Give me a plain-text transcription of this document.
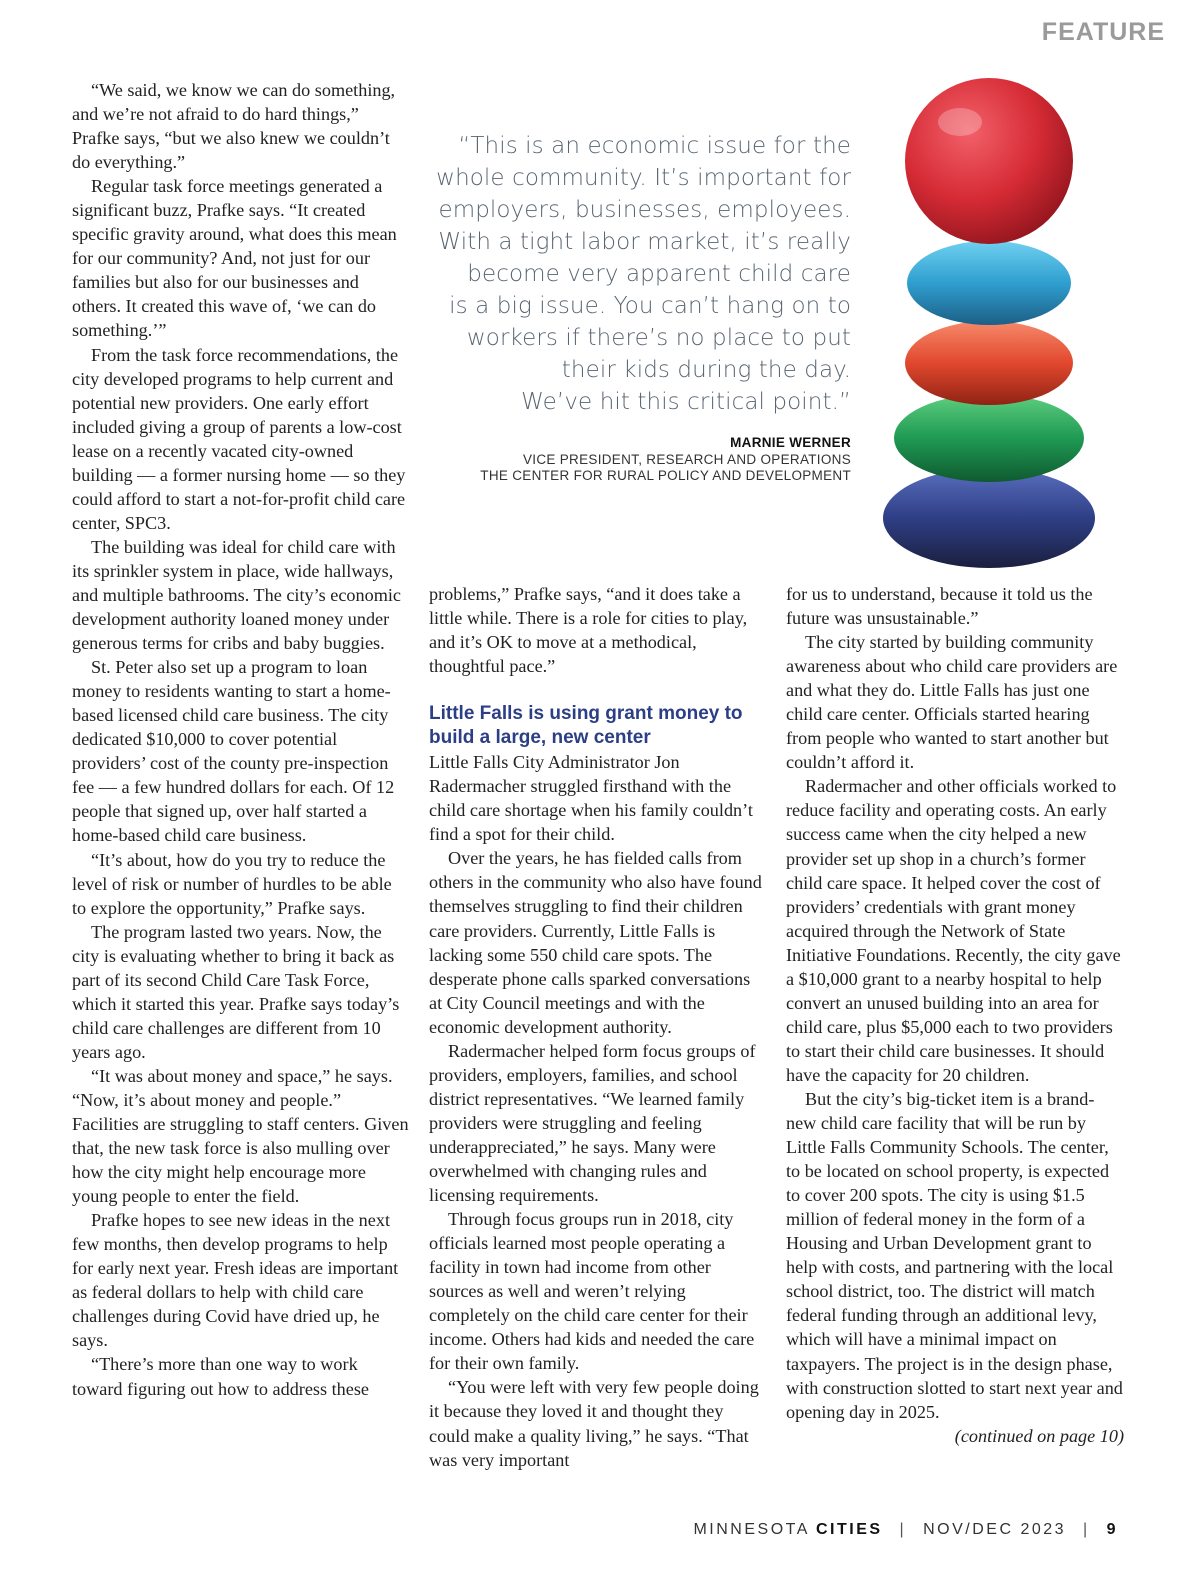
FEATURE

“We said, we know we can do something, and we’re not afraid to do hard things,” Prafke says, “but we also knew we couldn’t do everything.”

Regular task force meetings generated a significant buzz, Prafke says. “It created specific gravity around, what does this mean for our community? And, not just for our families but also for our businesses and others. It created this wave of, ‘we can do something.’”

From the task force recommendations, the city developed programs to help current and potential new providers. One early effort included giving a group of parents a low-cost lease on a recently vacated city-owned building — a former nursing home — so they could afford to start a not-for-profit child care center, SPC3.

The building was ideal for child care with its sprinkler system in place, wide hallways, and multiple bathrooms. The city’s economic development authority loaned money under generous terms for cribs and baby buggies.

St. Peter also set up a program to loan money to residents wanting to start a home-based licensed child care business. The city dedicated $10,000 to cover potential providers’ cost of the county pre-inspection fee — a few hundred dollars for each. Of 12 people that signed up, over half started a home-based child care business.

“It’s about, how do you try to reduce the level of risk or number of hurdles to be able to explore the opportunity,” Prafke says.

The program lasted two years. Now, the city is evaluating whether to bring it back as part of its second Child Care Task Force, which it started this year. Prafke says today’s child care challenges are different from 10 years ago.

“It was about money and space,” he says. “Now, it’s about money and people.” Facilities are struggling to staff centers. Given that, the new task force is also mulling over how the city might help encourage more young people to enter the field.

Prafke hopes to see new ideas in the next few months, then develop programs to help for early next year. Fresh ideas are important as federal dollars to help with child care challenges during Covid have dried up, he says.

“There’s more than one way to work toward figuring out how to address these

“This is an economic issue for the
whole community. It’s important for
employers, businesses, employees.
With a tight labor market, it’s really
become very apparent child care
is a big issue. You can’t hang on to
workers if there’s no place to put
their kids during the day.
We’ve hit this critical point.”
MARNIE WERNER
VICE PRESIDENT, RESEARCH AND OPERATIONS
THE CENTER FOR RURAL POLICY AND DEVELOPMENT

problems,” Prafke says, “and it does take a little while. There is a role for cities to play, and it’s OK to move at a methodical, thoughtful pace.”

Little Falls is using grant money to build a large, new center

Little Falls City Administrator Jon Radermacher struggled firsthand with the child care shortage when his family couldn’t find a spot for their child.

Over the years, he has fielded calls from others in the community who also have found themselves struggling to find their children care providers. Currently, Little Falls is lacking some 550 child care spots. The desperate phone calls sparked conversations at City Council meetings and with the economic development authority.

Radermacher helped form focus groups of providers, employers, families, and school district representatives. “We learned family providers were struggling and feeling underappreciated,” he says. Many were overwhelmed with changing rules and licensing requirements.

Through focus groups run in 2018, city officials learned most people operating a facility in town had income from other sources as well and weren’t relying completely on the child care center for their income. Others had kids and needed the care for their own family.

“You were left with very few people doing it because they loved it and thought they could make a quality living,” he says. “That was very important

for us to understand, because it told us the future was unsustainable.”

The city started by building community awareness about who child care providers are and what they do. Little Falls has just one child care center. Officials started hearing from people who wanted to start another but couldn’t afford it.

Radermacher and other officials worked to reduce facility and operating costs. An early success came when the city helped a new provider set up shop in a church’s former child care space. It helped cover the cost of providers’ credentials with grant money acquired through the Network of State Initiative Foundations. Recently, the city gave a $10,000 grant to a nearby hospital to help convert an unused building into an area for child care, plus $5,000 each to two providers to start their child care businesses. It should have the capacity for 20 children.

But the city’s big-ticket item is a brand-new child care facility that will be run by Little Falls Community Schools. The center, to be located on school property, is expected to cover 200 spots. The city is using $1.5 million of federal money in the form of a Housing and Urban Development grant to help with costs, and partnering with the local school district, too. The district will match federal funding through an additional levy, which will have a minimal impact on taxpayers. The project is in the design phase, with construction slotted to start next year and opening day in 2025.

(continued on page 10)
MINNESOTA CITIES | NOV/DEC 2023 | 9
